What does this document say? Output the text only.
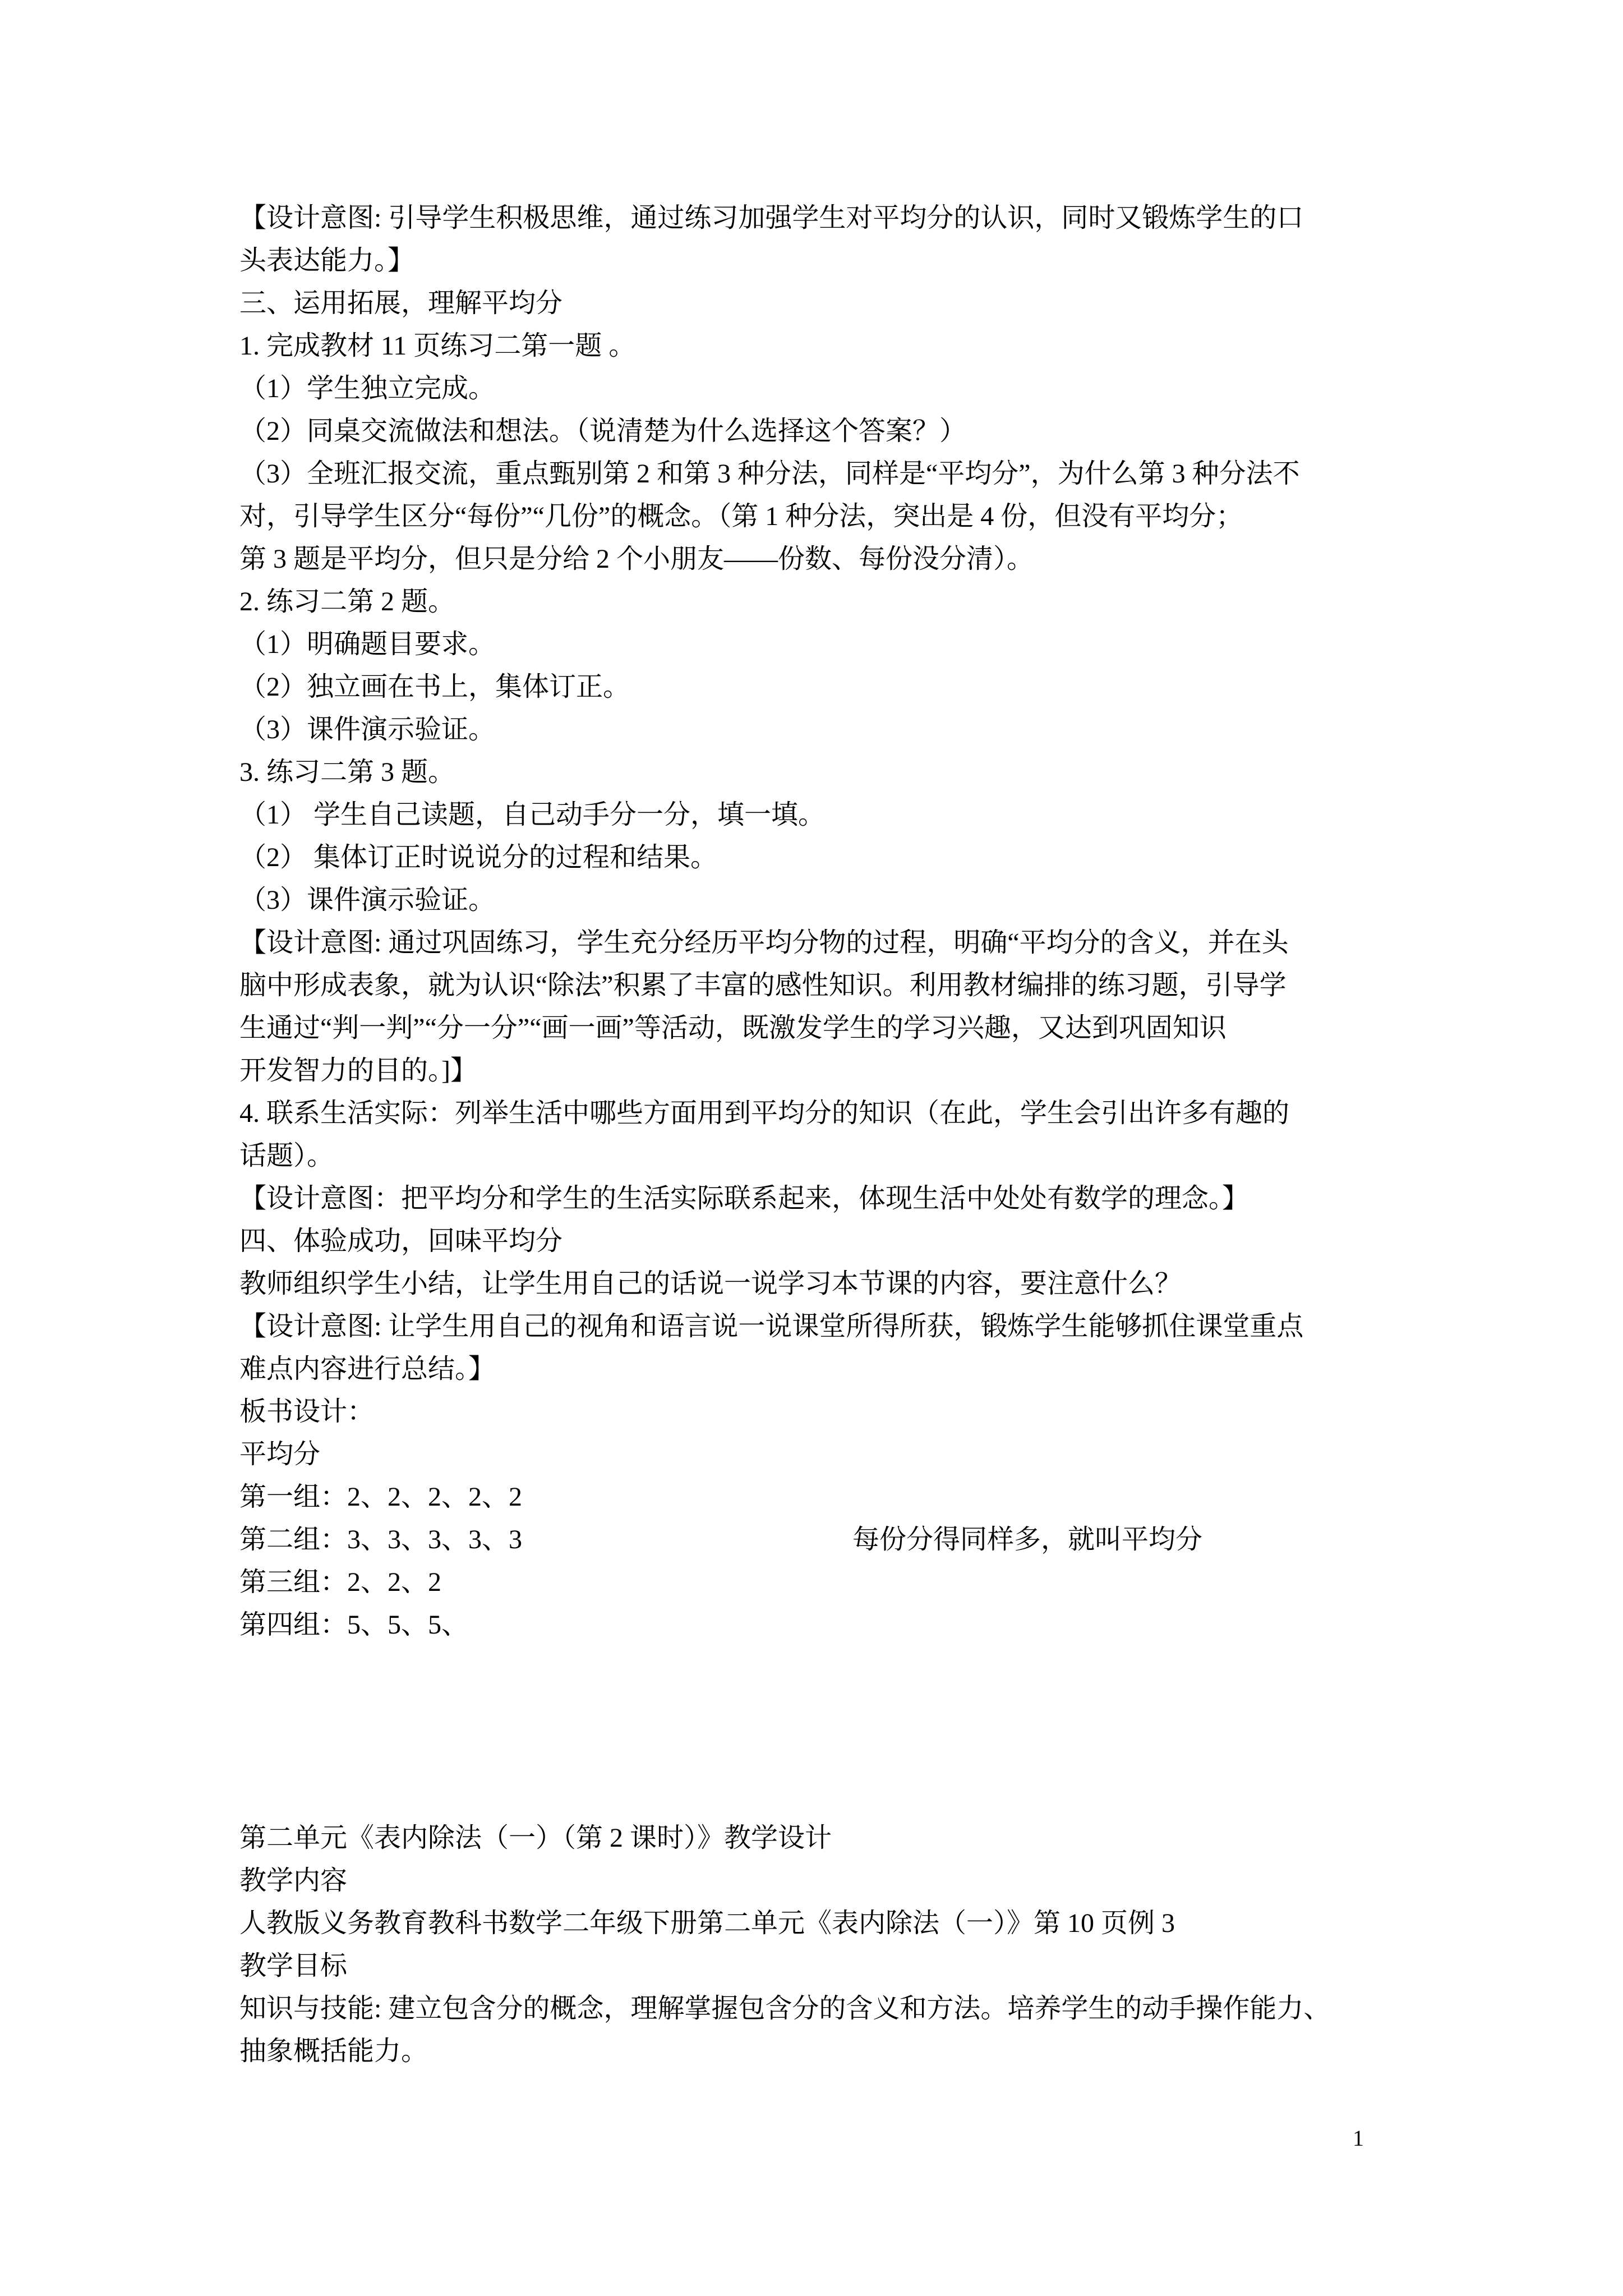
【设计意图: 引导学生积极思维，通过练习加强学生对平均分的认识，同时又锻炼学生的口
头表达能力。】
三、运用拓展，理解平均分
1. 完成教材 11 页练习二第一题 。
（1）学生独立完成。
（2）同桌交流做法和想法。（说清楚为什么选择这个答案？）
（3）全班汇报交流，重点甄别第 2 和第 3 种分法，同样是“平均分”，为什么第 3 种分法不
对，引导学生区分“每份”“几份”的概念。（第 1 种分法，突出是 4 份，但没有平均分；
第 3 题是平均分，但只是分给 2 个小朋友——份数、每份没分清）。
2. 练习二第 2 题。
（1）明确题目要求。
（2）独立画在书上，集体订正。
（3）课件演示验证。
3. 练习二第 3 题。
（1） 学生自己读题，自己动手分一分，填一填。
（2） 集体订正时说说分的过程和结果。
（3）课件演示验证。
【设计意图: 通过巩固练习，学生充分经历平均分物的过程，明确“平均分的含义，并在头
脑中形成表象，就为认识“除法”积累了丰富的感性知识。利用教材编排的练习题，引导学
生通过“判一判”“分一分”“画一画”等活动，既激发学生的学习兴趣，又达到巩固知识
开发智力的目的。]】
4. 联系生活实际：列举生活中哪些方面用到平均分的知识（在此，学生会引出许多有趣的
话题）。
【设计意图：把平均分和学生的生活实际联系起来，体现生活中处处有数学的理念。】
四、体验成功，回味平均分
教师组织学生小结，让学生用自己的话说一说学习本节课的内容，要注意什么？
【设计意图: 让学生用自己的视角和语言说一说课堂所得所获，锻炼学生能够抓住课堂重点
难点内容进行总结。】
板书设计：
平均分
第一组：2、2、2、2、2
第二组：3、3、3、3、3	每份分得同样多，就叫平均分
第三组：2、2、2
第四组：5、5、5、

第二单元《表内除法（一）（第 2 课时）》教学设计
教学内容
人教版义务教育教科书数学二年级下册第二单元《表内除法（一）》第 10 页例 3
教学目标
知识与技能: 建立包含分的概念，理解掌握包含分的含义和方法。培养学生的动手操作能力、
抽象概括能力。
1
